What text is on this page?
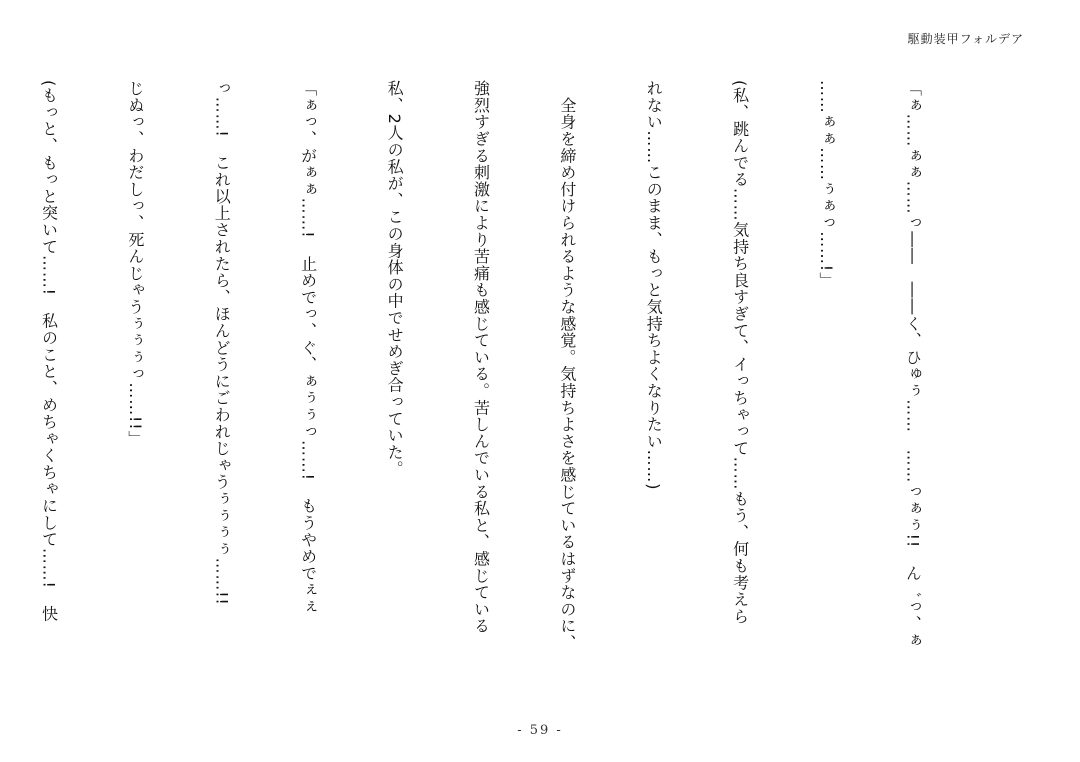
駆動装甲フォルデア

「ぁ……ぁぁ……っ――　――く、ひゅぅ……　……っぁぅ!!　ん゛っ、ぁ

……ぁぁ……ぅぁっ……!」

(私、跳んでる……気持ち良すぎて、イっちゃって……もう、何も考えら

れない……このまま、もっと気持ちよくなりたい……)

　全身を締め付けられるような感覚。気持ちよさを感じているはずなのに、

強烈すぎる刺激により苦痛も感じている。苦しんでいる私と、感じている

私、2人の私が、この身体の中でせめぎ合っていた。

「ぁっ、がぁぁ……!　止めでっ、ぐ、ぁぅぅっ……!　もうやめでぇぇ

っ……!　これ以上されたら、ほんどうにごわれじゃうぅぅぅぅ……!!

じぬっ、わだしっ、死んじゃうぅぅぅっ……!!」

(もっと、もっと突いて……!　私のこと、めちゃくちゃにして……!　快

- 59 -
